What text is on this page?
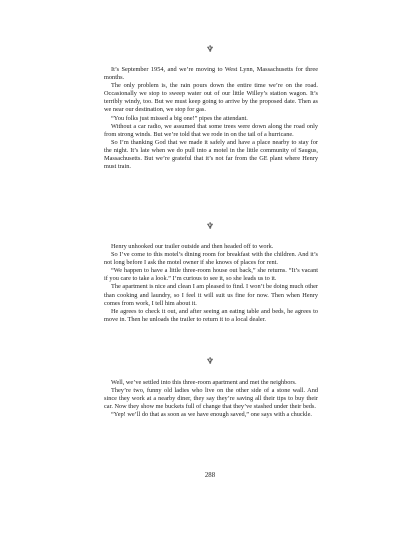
♆

It’s September 1954, and we’re moving to West Lynn, Massachusetts for three months.

The only problem is, the rain pours down the entire time we’re on the road. Occasionally we stop to sweep water out of our little Willey’s station wagon. It’s terribly windy, too. But we must keep going to arrive by the proposed date. Then as we near our destination, we stop for gas.

“You folks just missed a big one!” pipes the attendant.

Without a car radio, we assumed that some trees were down along the road only from strong winds. But we’re told that we rode in on the tail of a hurricane.

So I’m thanking God that we made it safely and have a place nearby to stay for the night. It’s late when we do pull into a motel in the little community of Saugus, Massachusetts. But we’re grateful that it’s not far from the GE plant where Henry must train.

♆

Henry unhooked our trailer outside and then headed off to work.

So I’ve come to this motel’s dining room for breakfast with the children. And it’s not long before I ask the motel owner if she knows of places for rent.

“We happen to have a little three-room house out back,” she returns. “It’s vacant if you care to take a look.” I’m curious to see it, so she leads us to it.

The apartment is nice and clean I am pleased to find. I won’t be doing much other than cooking and laundry, so I feel it will suit us fine for now. Then when Henry comes from work, I tell him about it.

He agrees to check it out, and after seeing an eating table and beds, he agrees to move in. Then he unloads the trailer to return it to a local dealer.

♆

Well, we’ve settled into this three-room apartment and met the neighbors.

They’re two, funny old ladies who live on the other side of a stone wall. And since they work at a nearby diner, they say they’re saving all their tips to buy their car. Now they show me buckets full of change that they’ve stashed under their beds.

“Yep! we’ll do that as soon as we have enough saved,” one says with a chuckle.

288
